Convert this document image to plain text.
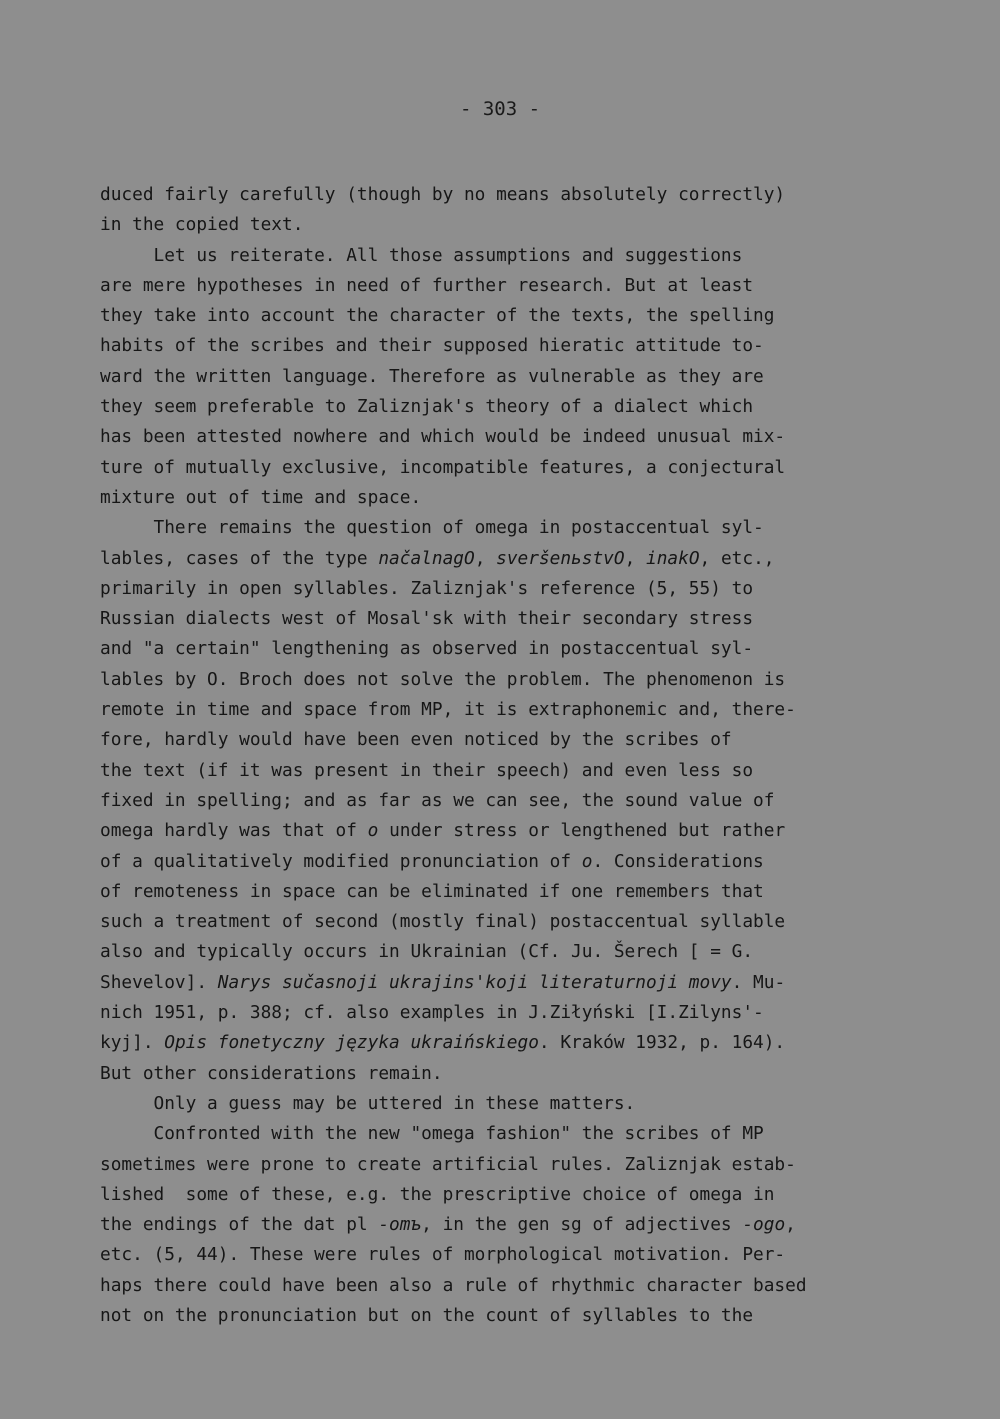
- 303 -
duced fairly carefully (though by no means absolutely correctly)
in the copied text.
Let us reiterate. All those assumptions and suggestions
are mere hypotheses in need of further research. But at least
they take into account the character of the texts, the spelling
habits of the scribes and their supposed hieratic attitude to-
ward the written language. Therefore as vulnerable as they are
they seem preferable to Zaliznjak's theory of a dialect which
has been attested nowhere and which would be indeed unusual mix-
ture of mutually exclusive, incompatible features, a conjectural
mixture out of time and space.
There remains the question of omega in postaccentual syl-
lables, cases of the type načalnagO, sveršenьstvO, inakO, etc.,
primarily in open syllables. Zaliznjak's reference (5, 55) to
Russian dialects west of Mosal'sk with their secondary stress
and "a certain" lengthening as observed in postaccentual syl-
lables by O. Broch does not solve the problem. The phenomenon is
remote in time and space from MP, it is extraphonemic and, there-
fore, hardly would have been even noticed by the scribes of
the text (if it was present in their speech) and even less so
fixed in spelling; and as far as we can see, the sound value of
omega hardly was that of o under stress or lengthened but rather
of a qualitatively modified pronunciation of o. Considerations
of remoteness in space can be eliminated if one remembers that
such a treatment of second (mostly final) postaccentual syllable
also and typically occurs in Ukrainian (Cf. Ju. Šerech [ = G.
Shevelov]. Narys sučasnoji ukrajins'koji literaturnoji movy. Mu-
nich 1951, p. 388; cf. also examples in J.Ziłyński [I.Zilyns'-
kyj]. Opis fonetyczny języka ukraińskiego. Kraków 1932, p. 164).
But other considerations remain.
Only a guess may be uttered in these matters.
Confronted with the new "omega fashion" the scribes of MP
sometimes were prone to create artificial rules. Zaliznjak estab-
lished  some of these, e.g. the prescriptive choice of omega in
the endings of the dat pl -omъ, in the gen sg of adjectives -ogo,
etc. (5, 44). These were rules of morphological motivation. Per-
haps there could have been also a rule of rhythmic character based
not on the pronunciation but on the count of syllables to the
